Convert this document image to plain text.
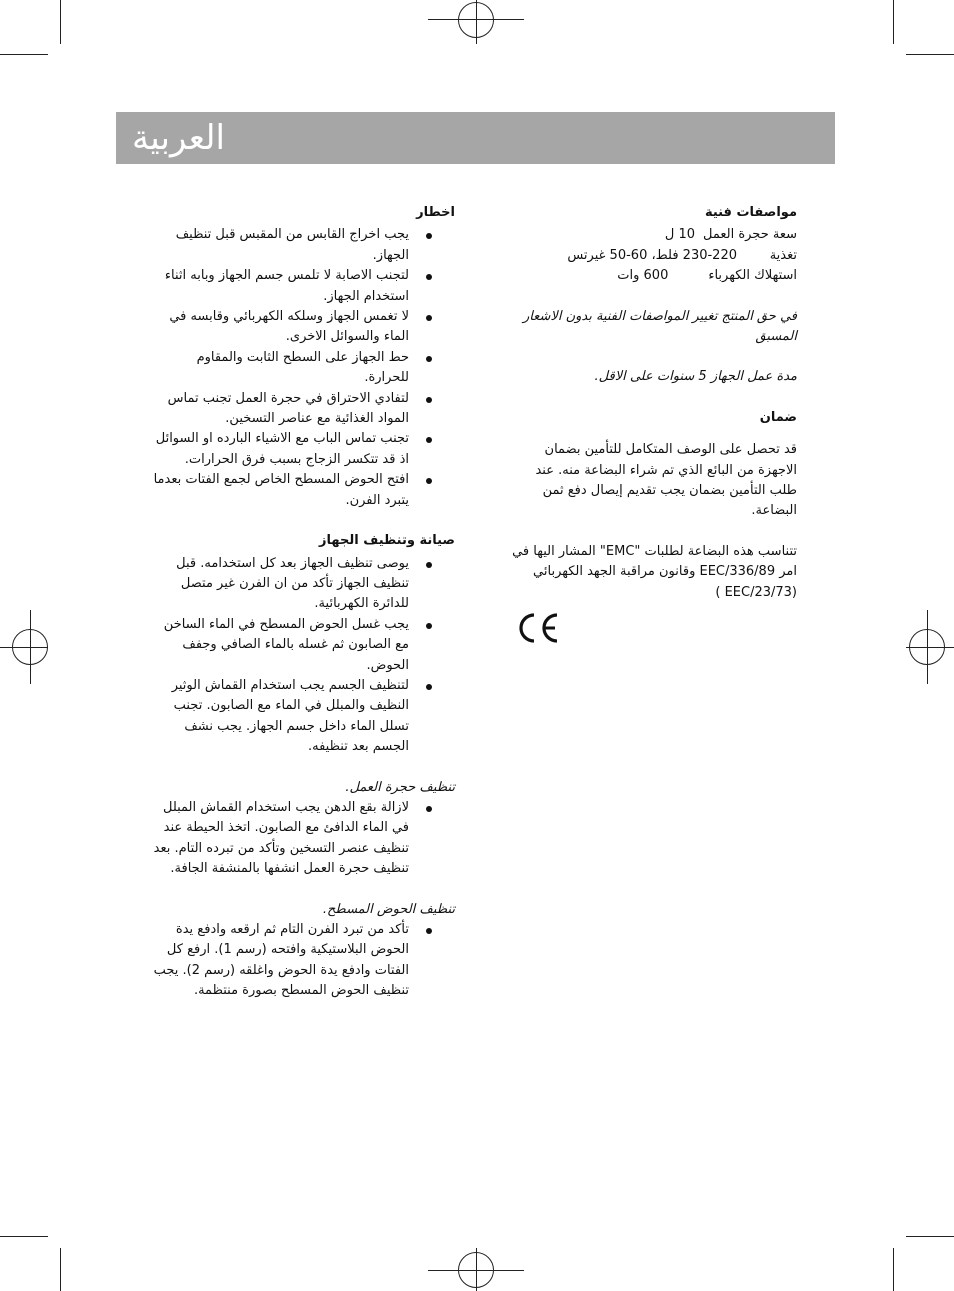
العربية
اخطار
يجب اخراج القابس من المقبس قبل تنظيف الجهاز.
لتجنب الاصابة لا تلمس جسم الجهاز وبابه اثناء استخدام الجهاز.
لا تغمس الجهاز وسلكه الكهربائي وقابسه في الماء والسوائل الاخرى.
حط الجهاز على السطح الثابت والمقاوم للحرارة.
لتفادي الاحتراق في حجرة العمل تجنب تماس المواد الغذائية مع عناصر التسخين.
تجنب تماس الباب مع الاشياء البارده او السوائل اذ قد تتكسر الزجاج بسبب فرق الحرارات.
افتح الحوض المسطح الخاص لجمع الفتات بعدما يتبرد الفرن.
صيانة وتنظيف الجهاز
يوصى تنظيف الجهاز بعد كل استخدامه. قبل تنظيف الجهاز تأكد من ان الفرن غير متصل للدائرة الكهربائية.
يجب غسل الحوض المسطح في الماء الساخن مع الصابون ثم غسله بالماء الصافي وجفف الحوض.
لتنظيف الجسم يجب استخدام القماش الوثير النظيف والمبلل في الماء مع الصابون. تجنب تسلل الماء داخل جسم الجهاز. يجب نشف الجسم بعد تنظيفه.
تنظيف حجرة العمل.
لازالة بقع الدهن يجب استخدام القماش المبلل في الماء الدافئ مع الصابون. اتخذ الحيطة عند تنظيف عنصر التسخين وتأكد من تبرده التام. بعد تنظيف حجرة العمل انشفها بالمنشفة الجافة.
تنظيف الحوض المسطح.
تأكد من تبرد الفرن التام ثم ارقعه وادفع يدة الحوض البلاستيكية وافتحه (رسم 1). ارفع كل الفتات وادفع يدة الحوض واغلقه (رسم 2). يجب تنظيف الحوض المسطح بصورة منتظمة.
مواصفات فنية
سعة حجرة العمل
10 ل
تغذية
230-220 فلط، 60-50 غيرتس
استهلاك الكهرباء
600 وات
في حق المنتج تغيير المواصفات الفنية بدون الاشعار المسبق
مدة عمل الجهاز 5 سنوات على الاقل.
ضمان
قد تحصل على الوصف المتكامل للتأمين بضمان الاجهزة من البائع الذي تم شراء البضاعة منه. عند طلب التأمين بضمان يجب تقديم إيصال دفع ثمن البضاعة.
تتناسب هذه البضاعة لطلبات "EMC" المشار اليها في امر EEC/336/89 وقانون مراقبة الجهد الكهربائي (EEC/23/73 )
